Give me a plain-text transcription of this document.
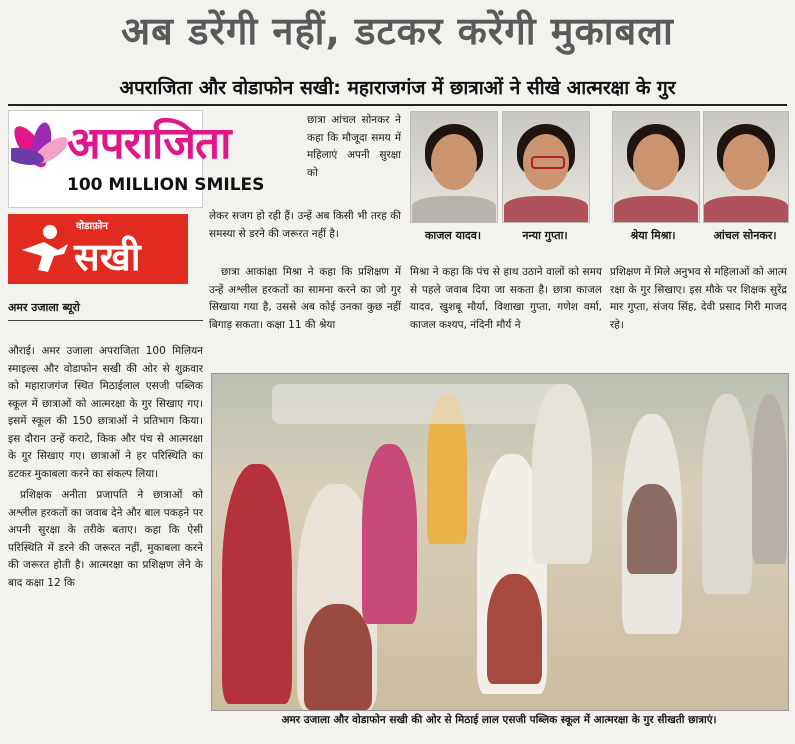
अब डरेंगी नहीं, डटकर करेंगी मुकाबला
अपराजिता और वोडाफोन सखी: महाराजगंज में छात्राओं ने सीखे आत्मरक्षा के गुर
अपराजिता
100 MILLION SMILES
वोडाफ़ोन
सखी
अमर उजाला ब्यूरो

औराई। अमर उजाला अपराजिता 100 मिलियन स्माइल्स और वोडाफोन सखी की ओर से शुक्रवार को महाराजगंज स्थित मिठाईलाल एसजी पब्लिक स्कूल में छात्राओं को आत्मरक्षा के गुर सिखाए गए। इसमें स्कूल की 150 छात्राओं ने प्रतिभाग किया। इस दौरान उन्हें कराटे, किक और पंच से आत्मरक्षा के गुर सिखाए गए। छात्राओं ने हर परिस्थिति का डटकर मुकाबला करने का संकल्प लिया।

प्रशिक्षक अनीता प्रजापति ने छात्राओं को अश्लील हरकतों का जवाब देने और बाल पकड़ने पर अपनी सुरक्षा के तरीके बताए। कहा कि ऐसी परिस्थिति में डरने की जरूरत नहीं, मुकाबला करने की जरूरत होती है। आत्मरक्षा का प्रशिक्षण लेने के बाद कक्षा 12 कि

छात्रा आंचल सोनकर ने कहा कि मौजूदा समय में महिलाएं अपनी सुरक्षा को
लेकर सजग हो रही हैं। उन्हें अब किसी भी तरह की समस्या से डरने की जरूरत नहीं है।
छात्रा आकांक्षा मिश्रा ने कहा कि प्रशिक्षण में उन्हें अश्लील हरकतों का सामना करने का जो गुर सिखाया गया है, उससे अब कोई उनका कुछ नहीं बिगाड़ सकता। कक्षा 11 की श्रेया
मिश्रा ने कहा कि पंच से हाथ उठाने वालों को समय से पहले जवाब दिया जा सकता है। छात्रा काजल यादव, खुशबू मौर्या, विशाखा गुप्ता, गणेश वर्मा, काजल कश्यप, नंदिनी मौर्य ने
प्रशिक्षण में मिले अनुभव से महिलाओं को आत्म रक्षा के गुर सिखाए। इस मौके पर शिक्षक सुरेंद्र मार गुप्ता, संजय सिंह, देवी प्रसाद गिरी माजद रहे।
काजल यादव।	नन्या गुप्ता।	श्रेया मिश्रा।	आंचल सोनकर।
अमर उजाला और वोडाफोन सखी की ओर से मिठाई लाल एसजी पब्लिक स्कूल में आत्मरक्षा के गुर सीखती छात्राएं।
